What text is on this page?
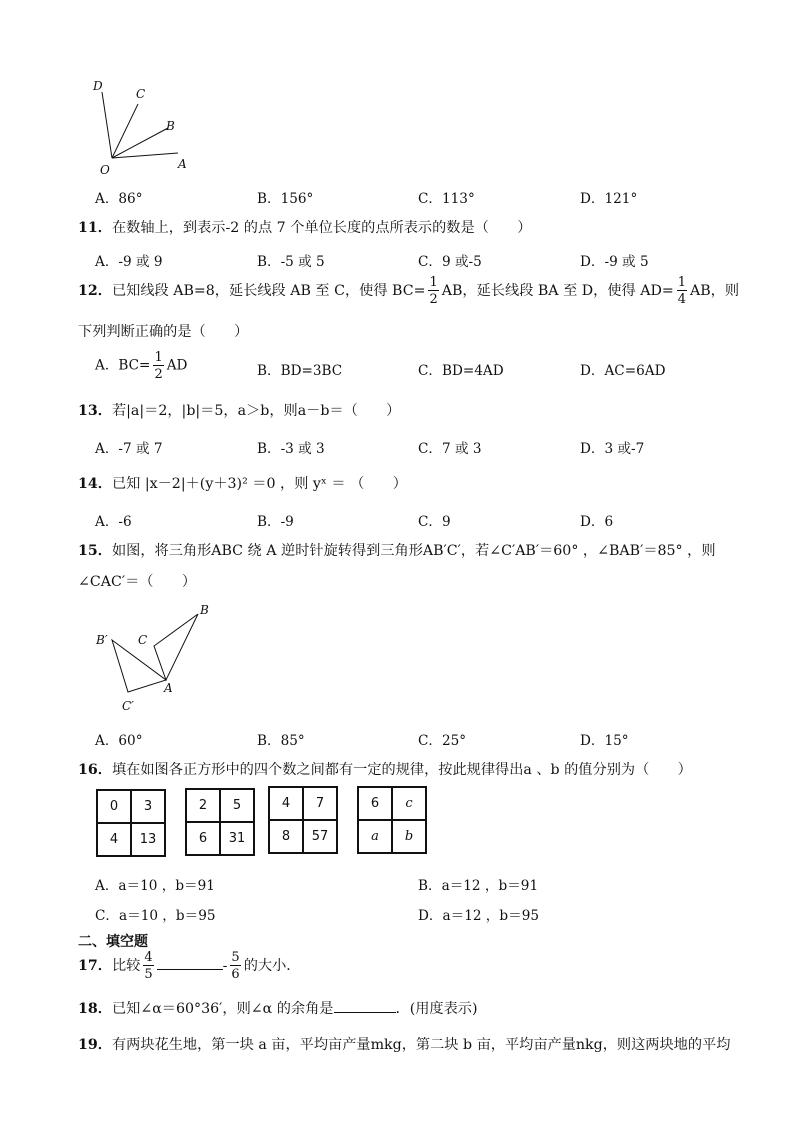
D
C
B
O	A
A．86°	B．156°	C．113°	D．121°
11．在数轴上，到表示-2 的点 7 个单位长度的点所表示的数是（　　）
A．-9 或 9	B．-5 或 5	C．9 或-5	D．-9 或 5
12．已知线段 AB=8，延长线段 AB 至 C，使得 $BC= \frac{1}{2}$ AB，延长线段 BA 至 D，使得 $AD= \frac{1}{4}$ AB，则
下列判断正确的是（　　）
A．$BC= \frac{1}{2}$ AD	B．BD=3BC	C．BD=4AD	D．AC=6AD
13．若|a|＝2，|b|＝5，a＞b，则a－b＝（　　）
A．-7 或 7	B．-3 或 3	C．7 或 3	D．3 或-7
14．已知 |x－2|＋(y＋3)² ＝0 ，则 yˣ ＝ （　　）
A．-6	B．-9	C．9	D．6
15．如图，将三角形ABC 绕 A 逆时针旋转得到三角形AB′C′，若∠C′AB′＝60° ，∠BAB′＝85° ，则
∠CAC′＝（　　）
B
B′	C
A
C′
A．60°	B．85°	C．25°	D．15°
16．填在如图各正方形中的四个数之间都有一定的规律，按此规律得出a 、b 的值分别为（　　）
0	3
4	13
2	5
6	31
4	7
8	57
6	c
a	b
A．a＝10 ，b＝91	B．a＝12 ，b＝91
C．a＝10 ，b＝95	D．a＝12 ，b＝95
二、填空题
17．比较 $\frac{4}{5}$	- $\frac{5}{6}$ 的大小．
18．已知∠α＝60°36′，则∠α 的余角是	．(用度表示)
19．有两块花生地，第一块 a 亩，平均亩产量mkg，第二块 b 亩，平均亩产量nkg，则这两块地的平均
